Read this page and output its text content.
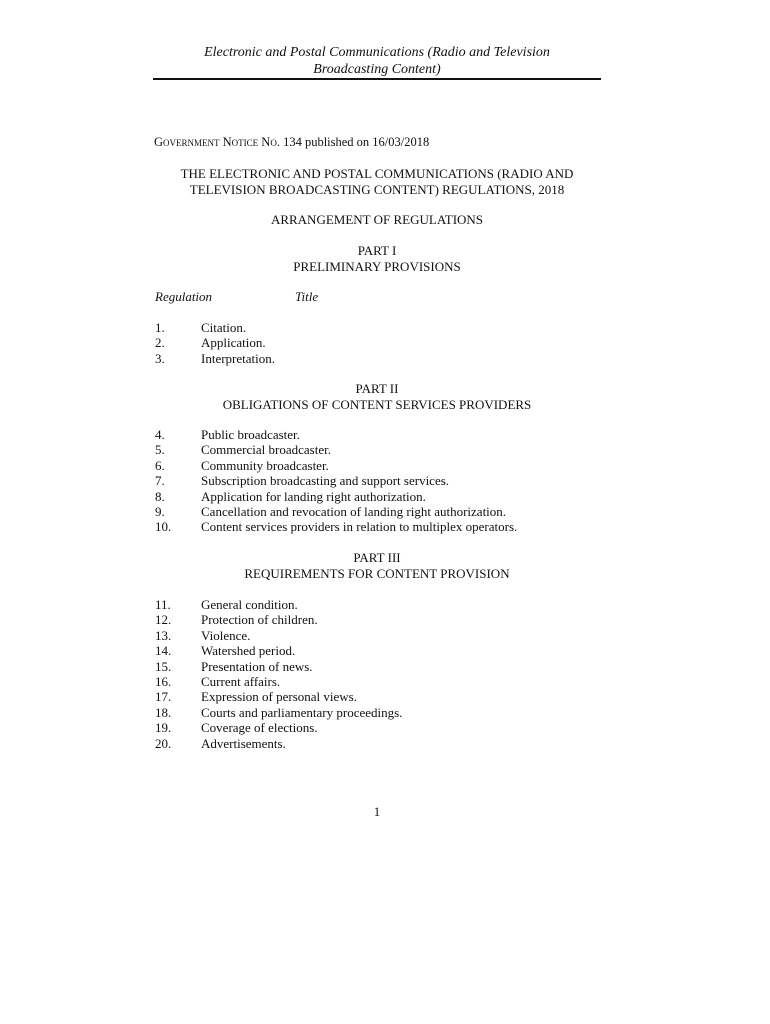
Electronic and Postal Communications (Radio and Television
Broadcasting Content)
Government Notice No. 134 published on 16/03/2018
THE ELECTRONIC AND POSTAL COMMUNICATIONS (RADIO AND
TELEVISION BROADCASTING CONTENT) REGULATIONS, 2018
ARRANGEMENT OF REGULATIONS
PART I
PRELIMINARY PROVISIONS
Regulation	Title
1.	Citation.
2.	Application.
3.	Interpretation.
PART II
OBLIGATIONS OF CONTENT SERVICES PROVIDERS
4.	Public broadcaster.
5.	Commercial broadcaster.
6.	Community broadcaster.
7.	Subscription broadcasting and support services.
8.	Application for landing right authorization.
9.	Cancellation and revocation of landing right authorization.
10.	Content services providers in relation to multiplex operators.
PART III
REQUIREMENTS FOR CONTENT PROVISION
11.	General condition.
12.	Protection of children.
13.	Violence.
14.	Watershed period.
15.	Presentation of news.
16.	Current affairs.
17.	Expression of personal views.
18.	Courts and parliamentary proceedings.
19.	Coverage of elections.
20.	Advertisements.
1
